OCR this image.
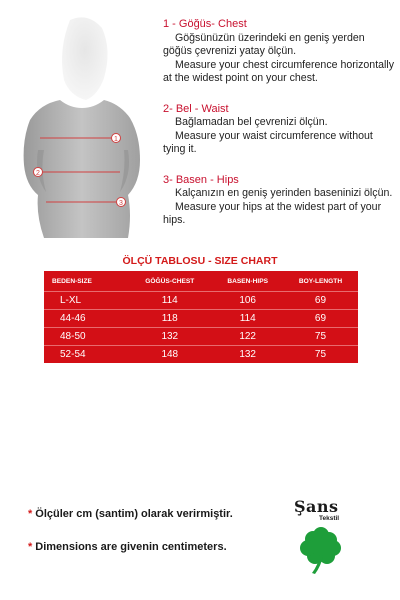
1
2
3
1 - Göğüs- Chest

Göğsünüzün üzerindeki en geniş yerden göğüs çevrenizi yatay ölçün.

Measure your chest circumference horizontally at the widest point on your chest.

2- Bel - Waist

Bağlamadan bel çevrenizi ölçün.

Measure your waist circumference without tying it.

3- Basen - Hips

Kalçanızın en geniş yerinden baseninizi ölçün.

Measure your hips at the widest part of your hips.

ÖLÇÜ TABLOSU - SIZE CHART
BEDEN-SIZE	GÖĞÜS-CHEST	BASEN-HIPS	BOY-LENGTH
L-XL	114	106	69
44-46	118	114	69
48-50	132	122	75
52-54	148	132	75
* Ölçüler cm (santim) olarak verirmiştir.
* Dimensions are givenin centimeters.
Şans
Tekstil
